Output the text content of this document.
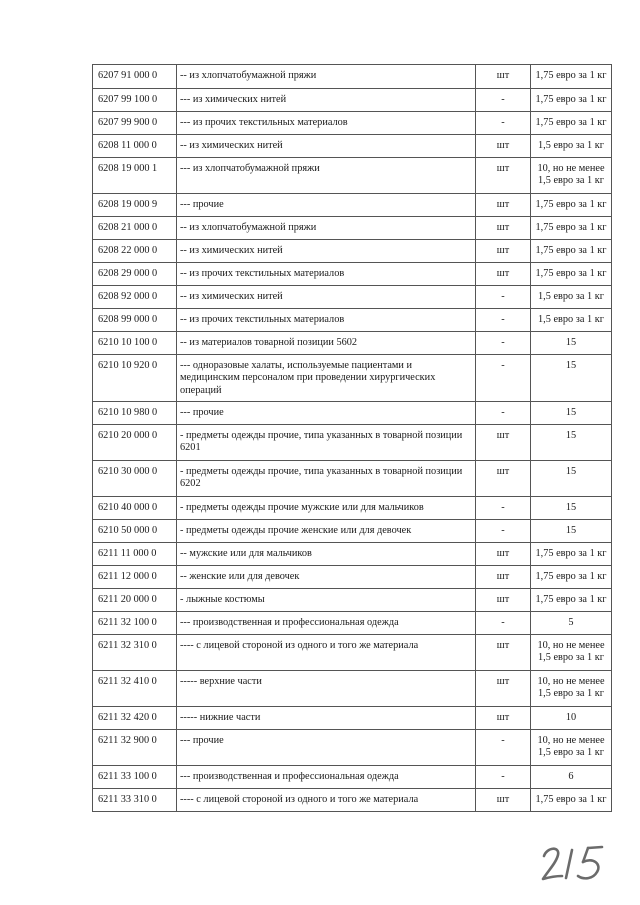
6207 91 000 0	-- из хлопчатобумажной пряжи	шт	1,75 евро за 1 кг

6207 99 100 0	--- из химических нитей	-	1,75 евро за 1 кг

6207 99 900 0	--- из прочих текстильных материалов	-	1,75 евро за 1 кг

6208 11 000 0	-- из химических нитей	шт	1,5 евро за 1 кг

6208 19 000 1	--- из хлопчатобумажной пряжи	шт	10, но не менее
1,5 евро за 1 кг

6208 19 000 9	--- прочие	шт	1,75 евро за 1 кг

6208 21 000 0	-- из хлопчатобумажной пряжи	шт	1,75 евро за 1 кг

6208 22 000 0	-- из химических нитей	шт	1,75 евро за 1 кг

6208 29 000 0	-- из прочих текстильных материалов	шт	1,75 евро за 1 кг

6208 92 000 0	-- из химических нитей	-	1,5 евро за 1 кг

6208 99 000 0	-- из прочих текстильных материалов	-	1,5 евро за 1 кг

6210 10 100 0	-- из материалов товарной позиции 5602	-	15

6210 10 920 0	--- одноразовые халаты, используемые пациентами и медицинским персоналом при проведении хирургических операций	-	15

6210 10 980 0	--- прочие	-	15

6210 20 000 0	- предметы одежды прочие, типа указанных в товарной позиции 6201	шт	15

6210 30 000 0	- предметы одежды прочие, типа указанных в товарной позиции 6202	шт	15

6210 40 000 0	- предметы одежды прочие мужские или для мальчиков	-	15

6210 50 000 0	- предметы одежды прочие женские или для девочек	-	15

6211 11 000 0	-- мужские или для мальчиков	шт	1,75 евро за 1 кг

6211 12 000 0	-- женские или для девочек	шт	1,75 евро за 1 кг

6211 20 000 0	- лыжные костюмы	шт	1,75 евро за 1 кг

6211 32 100 0	--- производственная и профессиональная одежда	-	5

6211 32 310 0	---- с лицевой стороной из одного и того же материала	шт	10, но не менее
1,5 евро за 1 кг

6211 32 410 0	----- верхние части	шт	10, но не менее
1,5 евро за 1 кг

6211 32 420 0	----- нижние части	шт	10

6211 32 900 0	--- прочие	-	10, но не менее
1,5 евро за 1 кг

6211 33 100 0	--- производственная и профессиональная одежда	-	6

6211 33 310 0	---- с лицевой стороной из одного и того же материала	шт	1,75 евро за 1 кг
